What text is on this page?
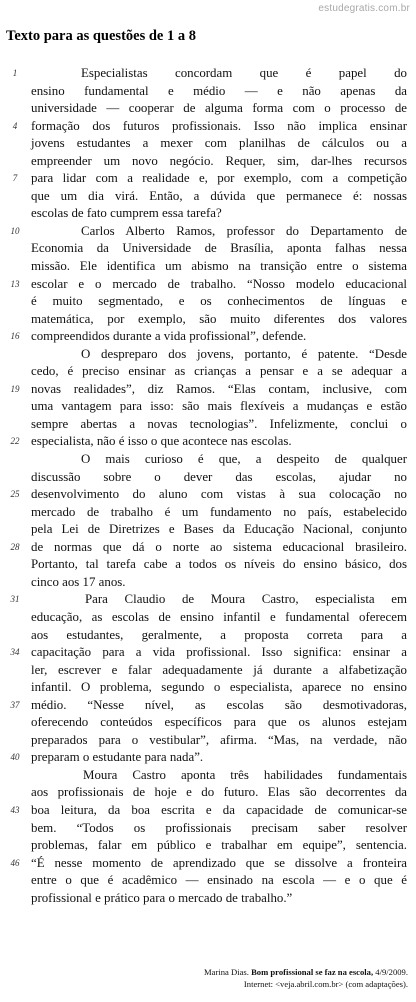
estudegratis.com.br
Texto para as questões de 1 a 8
1	Especialistas concordam que é papel do
ensino fundamental e médio — e não apenas da
universidade — cooperar de alguma forma com o processo de
4	formação dos futuros profissionais. Isso não implica ensinar
jovens estudantes a mexer com planilhas de cálculos ou a
empreender um novo negócio. Requer, sim, dar-lhes recursos
7	para lidar com a realidade e, por exemplo, com a competição
que um dia virá. Então, a dúvida que permanece é: nossas
escolas de fato cumprem essa tarefa?
10	Carlos Alberto Ramos, professor do Departamento de
Economia da Universidade de Brasília, aponta falhas nessa
missão. Ele identifica um abismo na transição entre o sistema
13 escolar e o mercado de trabalho. “Nosso modelo educacional
é muito segmentado, e os conhecimentos de línguas e
matemática, por exemplo, são muito diferentes dos valores
16 compreendidos durante a vida profissional”, defende.
O despreparo dos jovens, portanto, é patente. “Desde
cedo, é preciso ensinar as crianças a pensar e a se adequar a
19 novas realidades”, diz Ramos. “Elas contam, inclusive, com
uma vantagem para isso: são mais flexíveis a mudanças e estão
sempre abertas a novas tecnologias”. Infelizmente, conclui o
22 especialista, não é isso o que acontece nas escolas.
O mais curioso é que, a despeito de qualquer
discussão sobre o dever das escolas, ajudar no
25 desenvolvimento do aluno com vistas à sua colocação no
mercado de trabalho é um fundamento no país, estabelecido
pela Lei de Diretrizes e Bases da Educação Nacional, conjunto
28 de normas que dá o norte ao sistema educacional brasileiro.
Portanto, tal tarefa cabe a todos os níveis do ensino básico, dos
cinco aos 17 anos.
31	Para Claudio de Moura Castro, especialista em
educação, as escolas de ensino infantil e fundamental oferecem
aos estudantes, geralmente, a proposta correta para a
34 capacitação para a vida profissional. Isso significa: ensinar a
ler, escrever e falar adequadamente já durante a alfabetização
infantil. O problema, segundo o especialista, aparece no ensino
37 médio. “Nesse nível, as escolas são desmotivadoras,
oferecendo conteúdos específicos para que os alunos estejam
preparados para o vestibular”, afirma. “Mas, na verdade, não
40 preparam o estudante para nada”.
Moura Castro aponta três habilidades fundamentais
aos profissionais de hoje e do futuro. Elas são decorrentes da
43 boa leitura, da boa escrita e da capacidade de comunicar-se
bem. “Todos os profissionais precisam saber resolver
problemas, falar em público e trabalhar em equipe”, sentencia.
46 “É nesse momento de aprendizado que se dissolve a fronteira
entre o que é acadêmico — ensinado na escola — e o que é
profissional e prático para o mercado de trabalho.”
Marina Dias. Bom profissional se faz na escola, 4/9/2009.
Internet: <veja.abril.com.br> (com adaptações).
